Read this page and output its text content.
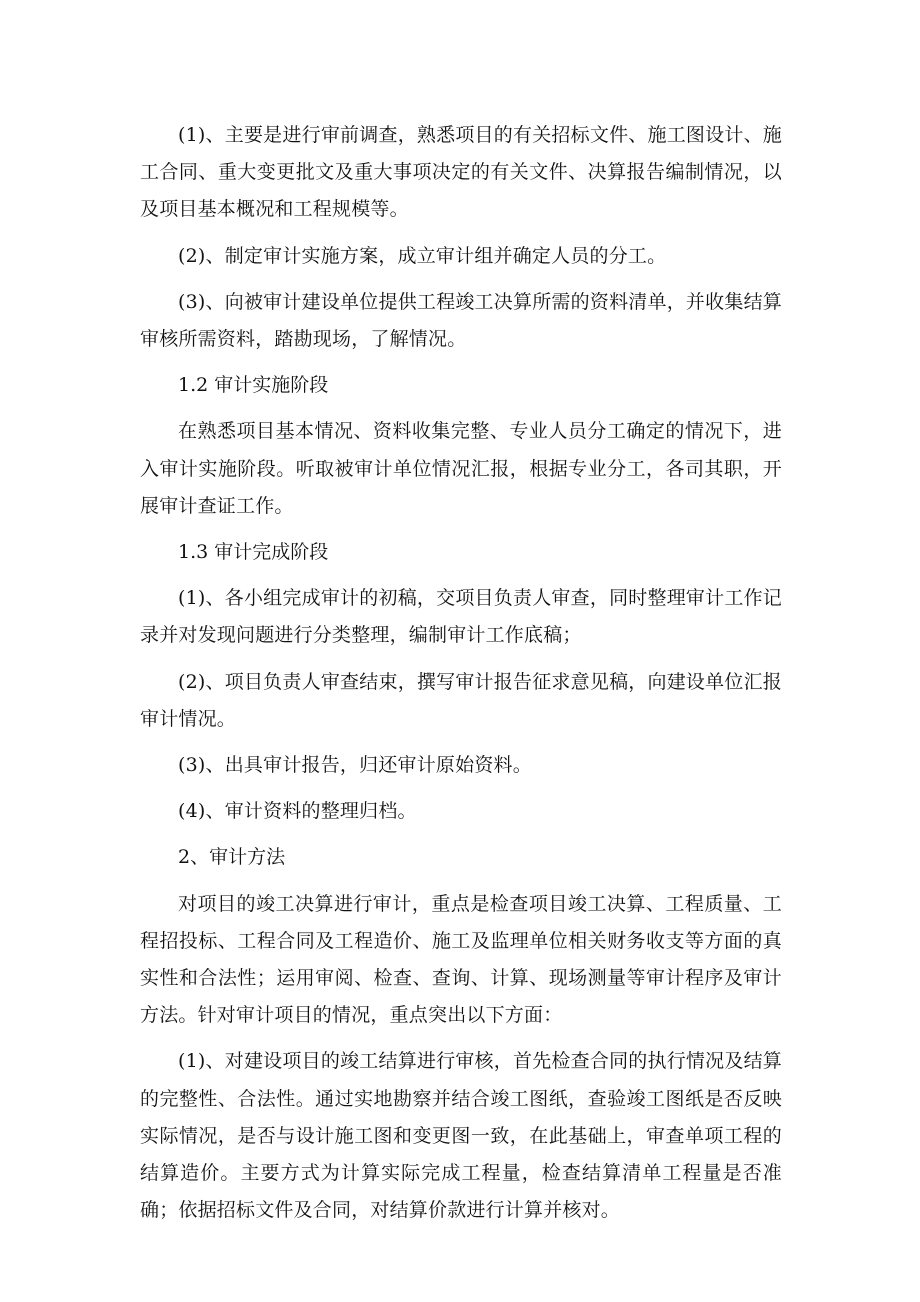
(1)、主要是进行审前调查，熟悉项目的有关招标文件、施工图设计、施工合同、重大变更批文及重大事项决定的有关文件、决算报告编制情况，以及项目基本概况和工程规模等。

(2)、制定审计实施方案，成立审计组并确定人员的分工。

(3)、向被审计建设单位提供工程竣工决算所需的资料清单，并收集结算审核所需资料，踏勘现场，了解情况。

1.2 审计实施阶段

在熟悉项目基本情况、资料收集完整、专业人员分工确定的情况下，进入审计实施阶段。听取被审计单位情况汇报，根据专业分工，各司其职，开展审计查证工作。

1.3 审计完成阶段

(1)、各小组完成审计的初稿，交项目负责人审查，同时整理审计工作记录并对发现问题进行分类整理，编制审计工作底稿；

(2)、项目负责人审查结束，撰写审计报告征求意见稿，向建设单位汇报审计情况。

(3)、出具审计报告，归还审计原始资料。

(4)、审计资料的整理归档。

2、审计方法

对项目的竣工决算进行审计，重点是检查项目竣工决算、工程质量、工程招投标、工程合同及工程造价、施工及监理单位相关财务收支等方面的真实性和合法性；运用审阅、检查、查询、计算、现场测量等审计程序及审计方法。针对审计项目的情况，重点突出以下方面：

(1)、对建设项目的竣工结算进行审核，首先检查合同的执行情况及结算的完整性、合法性。通过实地勘察并结合竣工图纸，查验竣工图纸是否反映实际情况，是否与设计施工图和变更图一致，在此基础上，审查单项工程的结算造价。主要方式为计算实际完成工程量，检查结算清单工程量是否准确；依据招标文件及合同，对结算价款进行计算并核对。
